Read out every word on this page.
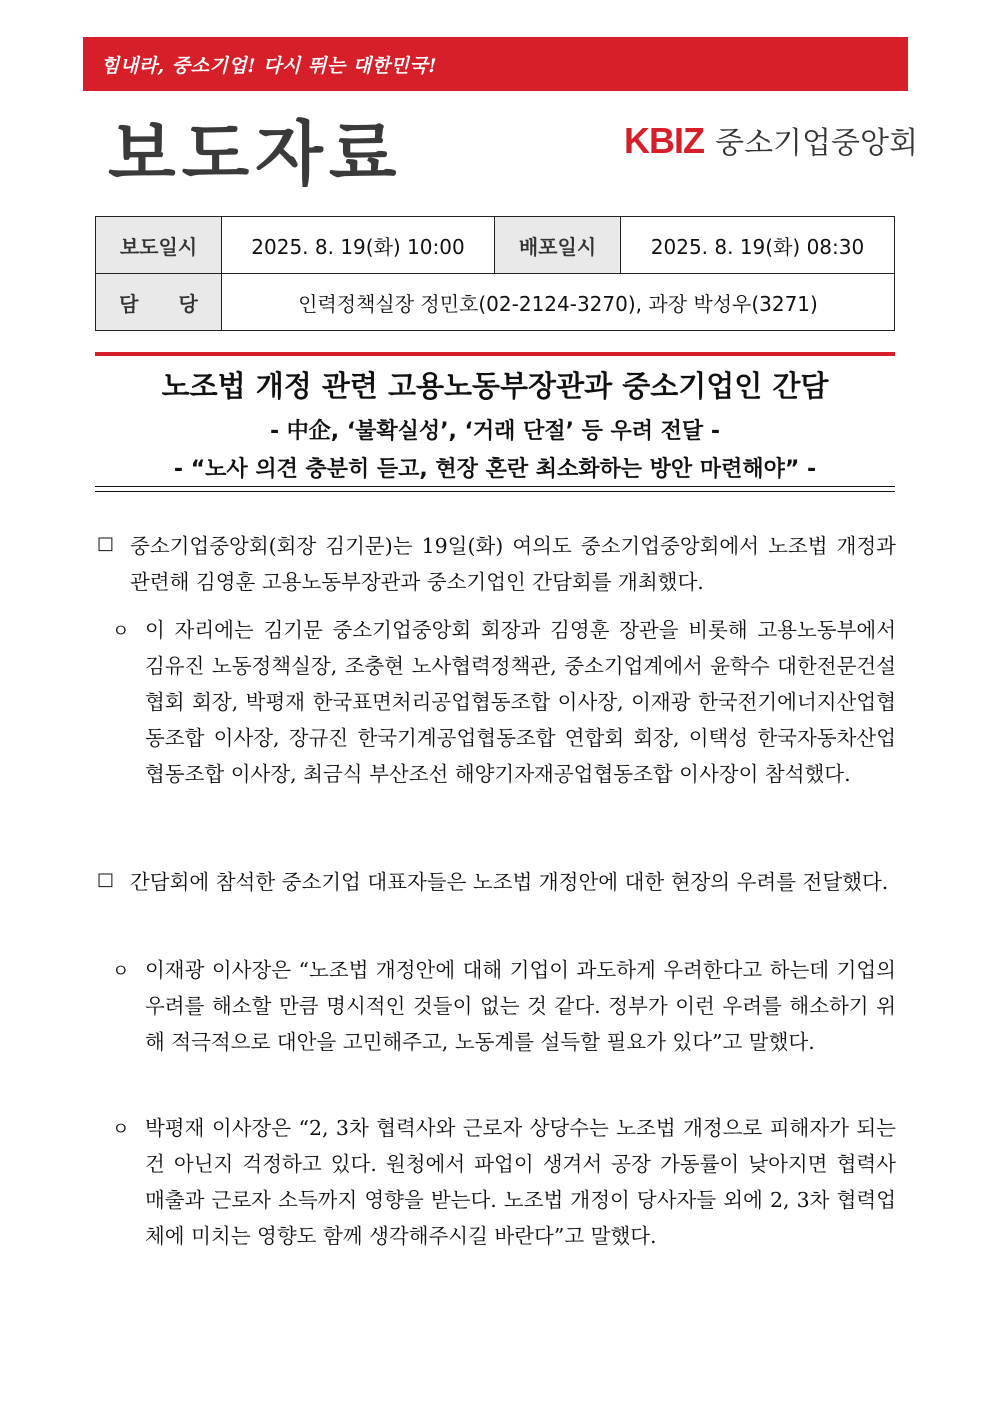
힘내라, 중소기업! 다시 뛰는 대한민국!
보도자료	KBIZ 중소기업중앙회
보도일시	2025. 8. 19(화) 10:00	배포일시	2025. 8. 19(화) 08:30
담　　당	인력정책실장 정민호(02-2124-3270), 과장 박성우(3271)		
노조법 개정 관련 고용노동부장관과 중소기업인 간담
- 中企, ‘불확실성’, ‘거래 단절’ 등 우려 전달 -
- “노사 의견 충분히 듣고, 현장 혼란 최소화하는 방안 마련해야” -
□ 중소기업중앙회(회장 김기문)는 19일(화) 여의도 중소기업중앙회에서 노조법 개정과 관련해 김영훈 고용노동부장관과 중소기업인 간담회를 개최했다.
ㅇ 이 자리에는 김기문 중소기업중앙회 회장과 김영훈 장관을 비롯해 고용노동부에서 김유진 노동정책실장, 조충현 노사협력정책관, 중소기업계에서 윤학수 대한전문건설협회 회장, 박평재 한국표면처리공업협동조합 이사장, 이재광 한국전기에너지산업협동조합 이사장, 장규진 한국기계공업협동조합 연합회 회장, 이택성 한국자동차산업협동조합 이사장, 최금식 부산조선 해양기자재공업협동조합 이사장이 참석했다.
□ 간담회에 참석한 중소기업 대표자들은 노조법 개정안에 대한 현장의 우려를 전달했다.
ㅇ 이재광 이사장은 “노조법 개정안에 대해 기업이 과도하게 우려한다고 하는데 기업의 우려를 해소할 만큼 명시적인 것들이 없는 것 같다. 정부가 이런 우려를 해소하기 위해 적극적으로 대안을 고민해주고, 노동계를 설득할 필요가 있다”고 말했다.
ㅇ 박평재 이사장은 “2, 3차 협력사와 근로자 상당수는 노조법 개정으로 피해자가 되는 건 아닌지 걱정하고 있다. 원청에서 파업이 생겨서 공장 가동률이 낮아지면 협력사 매출과 근로자 소득까지 영향을 받는다. 노조법 개정이 당사자들 외에 2, 3차 협력업체에 미치는 영향도 함께 생각해주시길 바란다”고 말했다.
